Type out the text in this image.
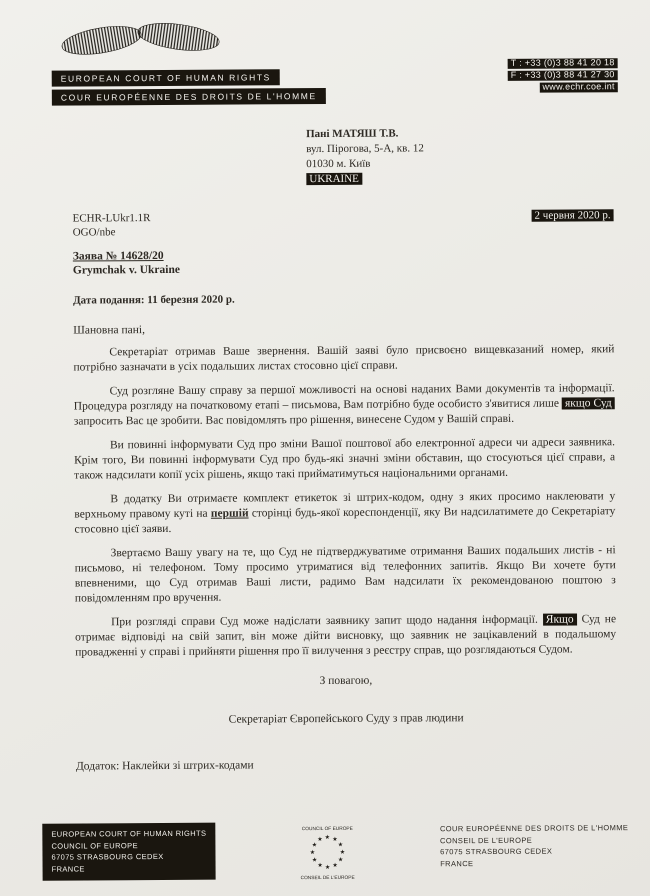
EUROPEAN COURT OF HUMAN RIGHTS
COUR EUROPÉENNE DES DROITS DE L'HOMME
T : +33 (0)3 88 41 20 18
F : +33 (0)3 88 41 27 30
www.echr.coe.int
Пані МАТЯШ Т.В.
вул. Пірогова, 5-А, кв. 12
01030 м. Київ
UKRAINE
ECHR-LUkr1.1R	2 червня 2020 р.
OGO/nbe
Заява № 14628/20
Grymchak v. Ukraine
Дата подання: 11 березня 2020 р.
Шановна пані,

Секретаріат отримав Ваше звернення. Вашій заяві було присвоєно вищевказаний номер, який потрібно зазначати в усіх подальших листах стосовно цієї справи.

Суд розгляне Вашу справу за першої можливості на основі наданих Вами документів та інформації. Процедура розгляду на початковому етапі – письмова, Вам потрібно буде особисто з'явитися лише якщо Суд запросить Вас це зробити. Вас повідомлять про рішення, винесене Судом у Вашій справі.

Ви повинні інформувати Суд про зміни Вашої поштової або електронної адреси чи адреси заявника. Крім того, Ви повинні інформувати Суд про будь-які значні зміни обставин, що стосуються цієї справи, а також надсилати копії усіх рішень, якщо такі прийматимуться національними органами.

В додатку Ви отримаєте комплект етикеток зі штрих-кодом, одну з яких просимо наклеювати у верхньому правому куті на першій сторінці будь-якої кореспонденції, яку Ви надсилатимете до Секретаріату стосовно цієї заяви.

Звертаємо Вашу увагу на те, що Суд не підтверджуватиме отримання Ваших подальших листів - ні письмово, ні телефоном. Тому просимо утриматися від телефонних запитів. Якщо Ви хочете бути впевненими, що Суд отримав Ваші листи, радимо Вам надсилати їх рекомендованою поштою з повідомленням про вручення.

При розгляді справи Суд може надіслати заявнику запит щодо надання інформації. Якщо Суд не отримає відповіді на свій запит, він може дійти висновку, що заявник не зацікавлений в подальшому провадженні у справі і прийняти рішення про її вилучення з реєстру справ, що розглядаються Судом.

З повагою,
Секретаріат Європейського Суду з прав людини
Додаток: Наклейки зі штрих-кодами
EUROPEAN COURT OF HUMAN RIGHTS
COUNCIL OF EUROPE
67075 STRASBOURG CEDEX
FRANCE
COUNCIL OF EUROPE
★ ★
★
★
★
★
★
★
★
★
★
★
CONSEIL DE L'EUROPE
COUR EUROPÉENNE DES DROITS DE L'HOMME
CONSEIL DE L'EUROPE
67075 STRASBOURG CEDEX
FRANCE
